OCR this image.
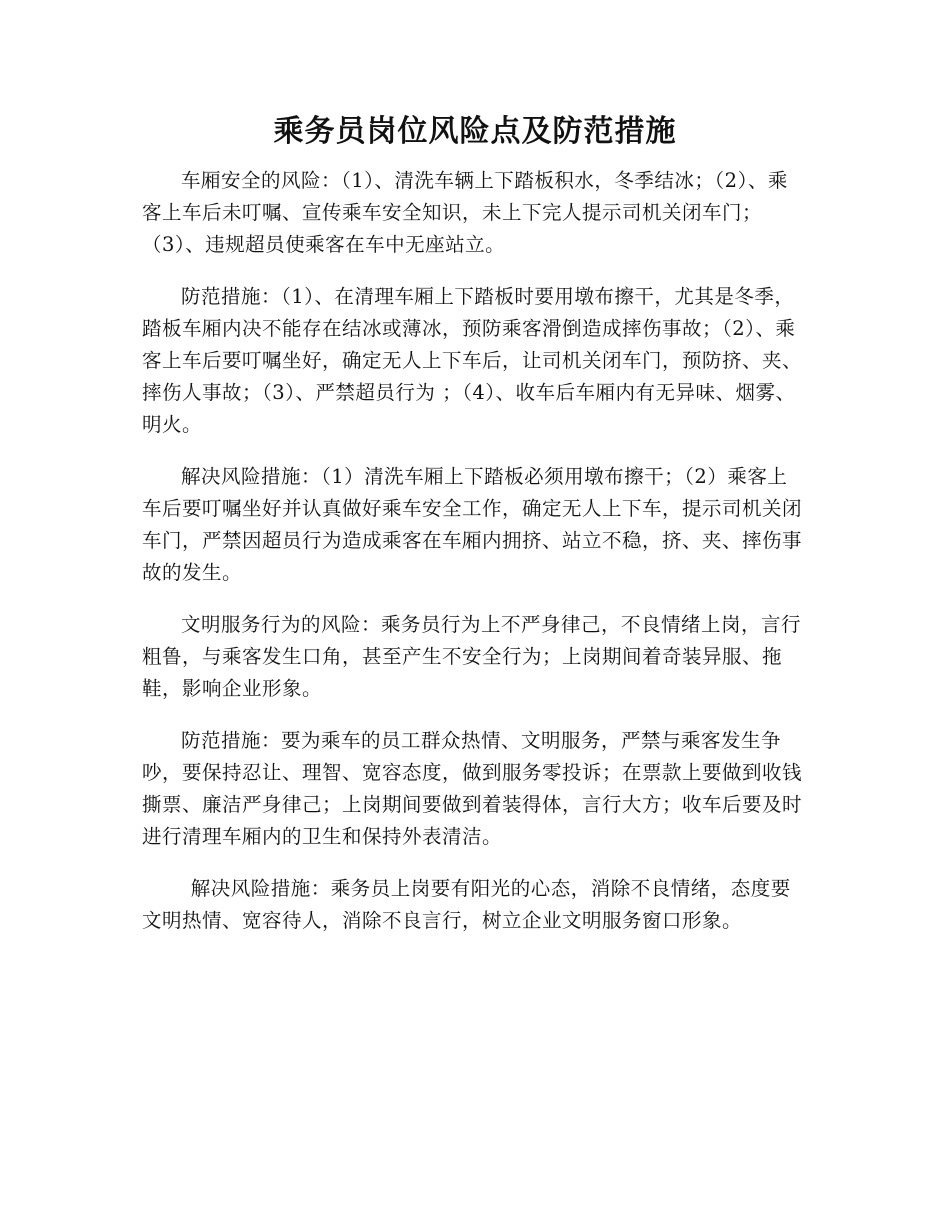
乘务员岗位风险点及防范措施

车厢安全的风险：（1）、清洗车辆上下踏板积水，冬季结冰；（2）、乘客上车后未叮嘱、宣传乘车安全知识，未上下完人提示司机关闭车门；（3）、违规超员使乘客在车中无座站立。

防范措施：（1）、在清理车厢上下踏板时要用墩布擦干，尤其是冬季，踏板车厢内决不能存在结冰或薄冰，预防乘客滑倒造成摔伤事故；（2）、乘客上车后要叮嘱坐好，确定无人上下车后，让司机关闭车门，预防挤、夹、摔伤人事故；（3）、严禁超员行为 ；（4）、收车后车厢内有无异味、烟雾、明火。

解决风险措施：（1）清洗车厢上下踏板必须用墩布擦干；（2）乘客上车后要叮嘱坐好并认真做好乘车安全工作，确定无人上下车，提示司机关闭车门，严禁因超员行为造成乘客在车厢内拥挤、站立不稳，挤、夹、摔伤事故的发生。

文明服务行为的风险：乘务员行为上不严身律己，不良情绪上岗，言行粗鲁，与乘客发生口角，甚至产生不安全行为；上岗期间着奇装异服、拖鞋，影响企业形象。

防范措施：要为乘车的员工群众热情、文明服务，严禁与乘客发生争吵，要保持忍让、理智、宽容态度，做到服务零投诉；在票款上要做到收钱撕票、廉洁严身律己；上岗期间要做到着装得体，言行大方；收车后要及时进行清理车厢内的卫生和保持外表清洁。

解决风险措施：乘务员上岗要有阳光的心态，消除不良情绪，态度要文明热情、宽容待人，消除不良言行，树立企业文明服务窗口形象。
